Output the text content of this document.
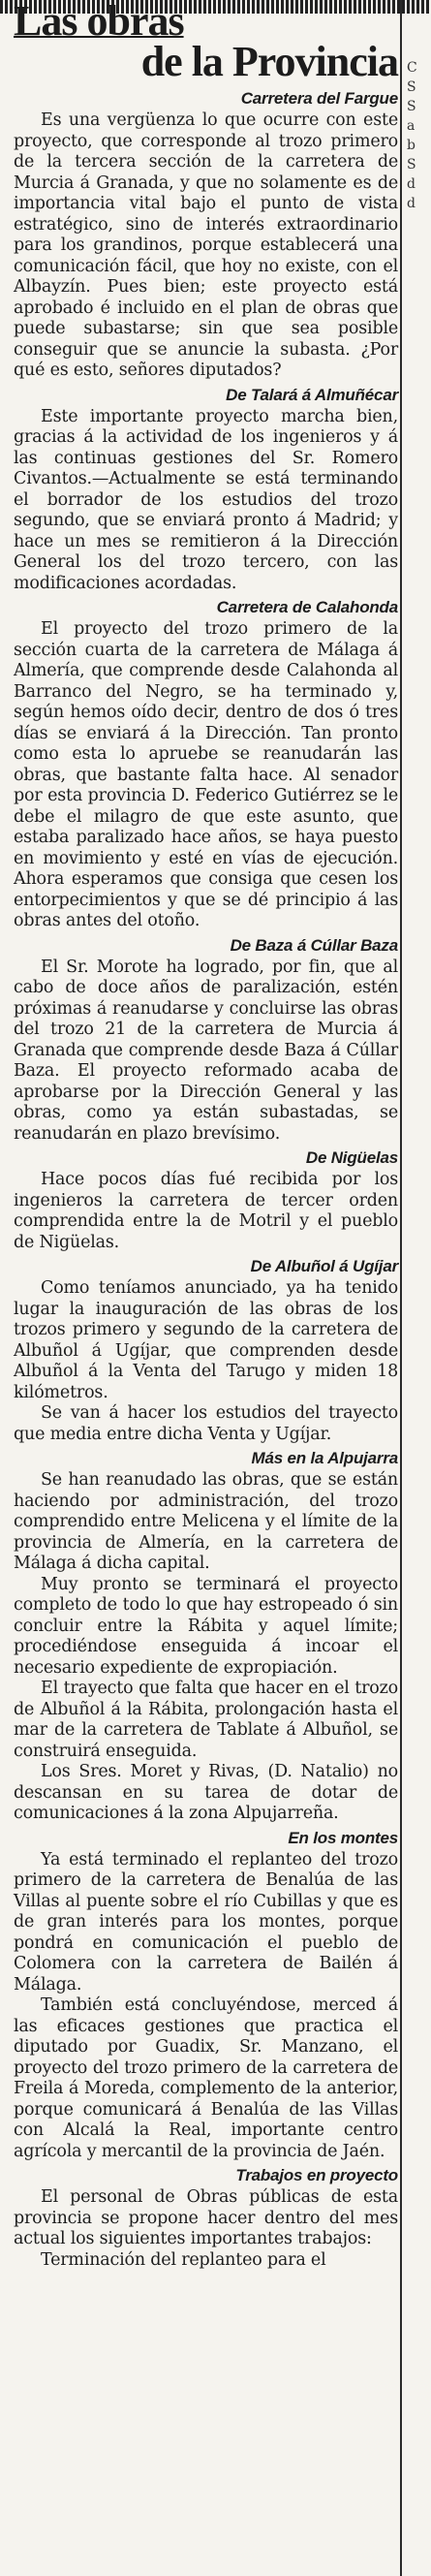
Las obras
de la Provincia
Carretera del Fargue

Es una vergüenza lo que ocurre con este proyecto, que corresponde al trozo primero de la tercera sección de la carretera de Murcia á Granada, y que no solamente es de importancia vital bajo el punto de vista estratégico, sino de interés extraordinario para los grandinos, porque establecerá una comunicación fácil, que hoy no existe, con el Albayzín. Pues bien; este proyecto está aprobado é incluido en el plan de obras que puede subastarse; sin que sea posible conseguir que se anuncie la subasta. ¿Por qué es esto, señores diputados?

De Talará á Almuñécar

Este importante proyecto marcha bien, gracias á la actividad de los ingenieros y á las continuas gestiones del Sr. Romero Civantos.—Actualmente se está terminando el borrador de los estudios del trozo segundo, que se enviará pronto á Madrid; y hace un mes se remitieron á la Dirección General los del trozo tercero, con las modificaciones acordadas.

Carretera de Calahonda

El proyecto del trozo primero de la sección cuarta de la carretera de Málaga á Almería, que comprende desde Calahonda al Barranco del Negro, se ha terminado y, según hemos oído decir, dentro de dos ó tres días se enviará á la Dirección. Tan pronto como esta lo apruebe se reanudarán las obras, que bastante falta hace. Al senador por esta provincia D. Federico Gutiérrez se le debe el milagro de que este asunto, que estaba paralizado hace años, se haya puesto en movimiento y esté en vías de ejecución. Ahora esperamos que consiga que cesen los entorpecimientos y que se dé principio á las obras antes del otoño.

De Baza á Cúllar Baza

El Sr. Morote ha logrado, por fin, que al cabo de doce años de paralización, estén próximas á reanudarse y concluirse las obras del trozo 21 de la carretera de Murcia á Granada que comprende desde Baza á Cúllar Baza. El proyecto reformado acaba de aprobarse por la Dirección General y las obras, como ya están subastadas, se reanudarán en plazo brevísimo.

De Nigüelas

Hace pocos días fué recibida por los ingenieros la carretera de tercer orden comprendida entre la de Motril y el pueblo de Nigüelas.

De Albuñol á Ugíjar

Como teníamos anunciado, ya ha tenido lugar la inauguración de las obras de los trozos primero y segundo de la carretera de Albuñol á Ugíjar, que comprenden desde Albuñol á la Venta del Tarugo y miden 18 kilómetros.

Se van á hacer los estudios del trayecto que media entre dicha Venta y Ugíjar.

Más en la Alpujarra

Se han reanudado las obras, que se están haciendo por administración, del trozo comprendido entre Melicena y el límite de la provincia de Almería, en la carretera de Málaga á dicha capital.

Muy pronto se terminará el proyecto completo de todo lo que hay estropeado ó sin concluir entre la Rábita y aquel límite; procediéndose enseguida á incoar el necesario expediente de expropiación.

El trayecto que falta que hacer en el trozo de Albuñol á la Rábita, prolongación hasta el mar de la carretera de Tablate á Albuñol, se construirá enseguida.

Los Sres. Moret y Rivas, (D. Natalio) no descansan en su tarea de dotar de comunicaciones á la zona Alpujarreña.

En los montes

Ya está terminado el replanteo del trozo primero de la carretera de Benalúa de las Villas al puente sobre el río Cubillas y que es de gran interés para los montes, porque pondrá en comunicación el pueblo de Colomera con la carretera de Bailén á Málaga.

También está concluyéndose, merced á las eficaces gestiones que practica el diputado por Guadix, Sr. Manzano, el proyecto del trozo primero de la carretera de Freila á Moreda, complemento de la anterior, porque comunicará á Benalúa de las Villas con Alcalá la Real, importante centro agrícola y mercantil de la provincia de Jaén.

Trabajos en proyecto

El personal de Obras públicas de esta provincia se propone hacer dentro del mes actual los siguientes importantes trabajos:

Terminación del replanteo para el

C
S
S
a
b
S
d
d
